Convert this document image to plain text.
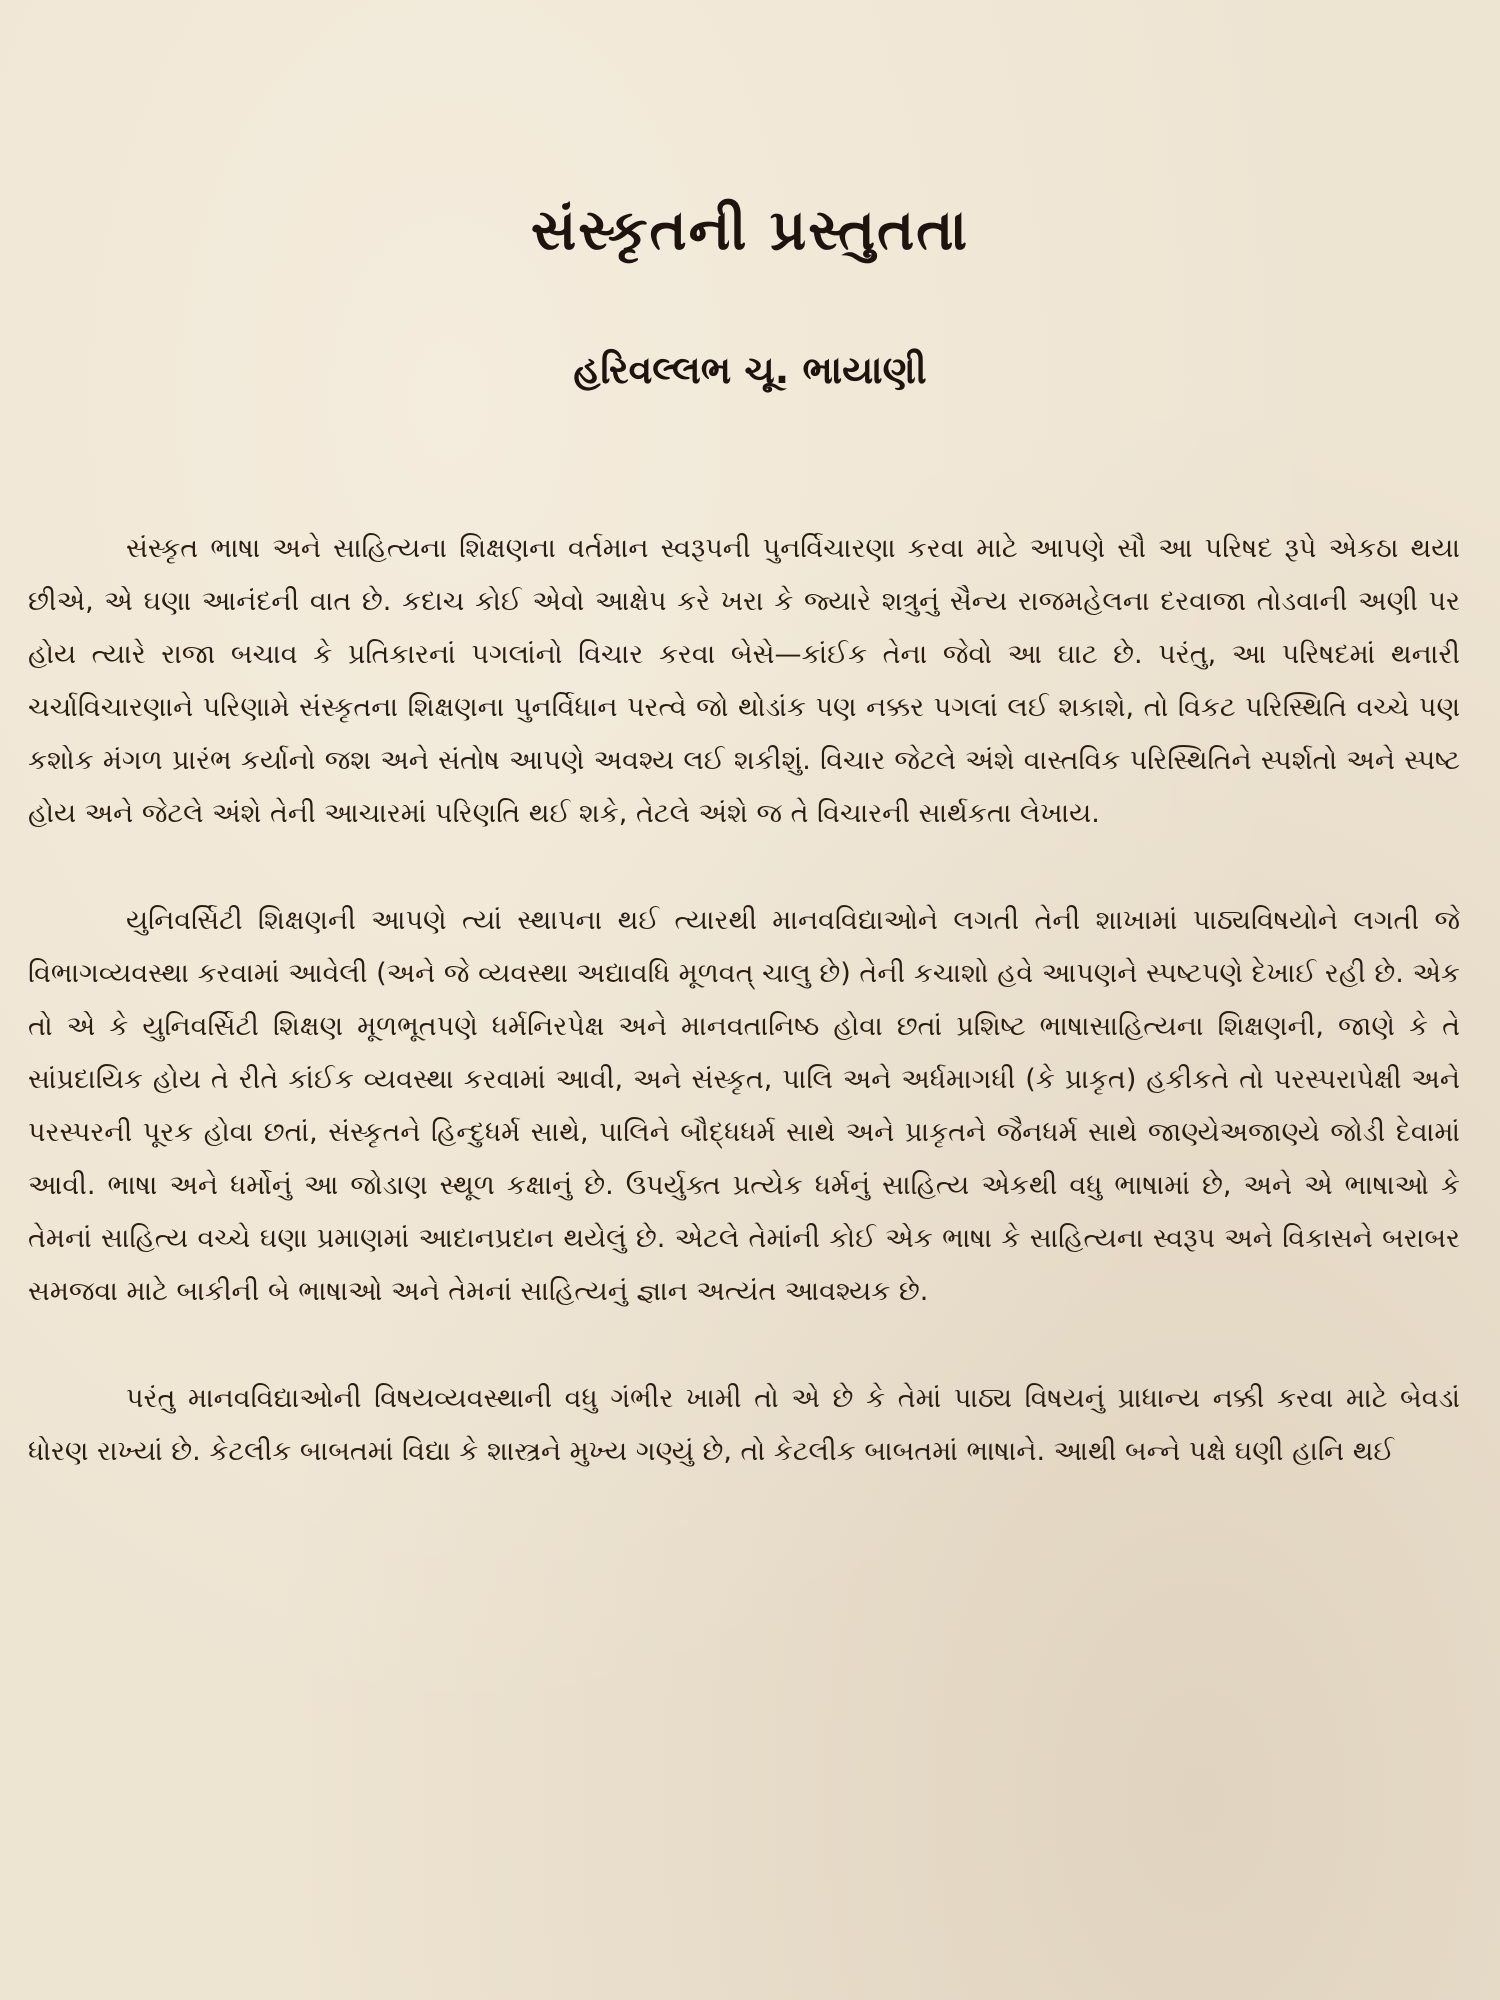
સંસ્કૃતની પ્રસ્તુતતા
હરિવલ્લભ ચૂ. ભાયાણી

સંસ્કૃત ભાષા અને સાહિત્યના શિક્ષણના વર્તમાન સ્વરૂપની પુનર્વિચારણા કરવા માટે આપણે સૌ આ પરિષદ રૂપે એકઠા થયા છીએ, એ ઘણા આનંદની વાત છે. કદાચ કોઈ એવો આક્ષેપ કરે ખરા કે જ્યારે શત્રુનું સૈન્ય રાજમહેલના દરવાજા તોડવાની અણી પર હોય ત્યારે રાજા બચાવ કે પ્રતિકારનાં પગલાંનો વિચાર કરવા બેસે—કાંઈક તેના જેવો આ ઘાટ છે. પરંતુ, આ પરિષદમાં થનારી ચર્ચાવિચારણાને પરિણામે સંસ્કૃતના શિક્ષણના પુનર્વિધાન પરત્વે જો થોડાંક પણ નક્કર પગલાં લઈ શકાશે, તો વિકટ પરિસ્થિતિ વચ્ચે પણ કશોક મંગળ પ્રારંભ કર્યાનો જશ અને સંતોષ આપણે અવશ્ય લઈ શકીશું. વિચાર જેટલે અંશે વાસ્તવિક પરિસ્થિતિને સ્પર્શતો અને સ્પષ્ટ હોય અને જેટલે અંશે તેની આચારમાં પરિણતિ થઈ શકે, તેટલે અંશે જ તે વિચારની સાર્થકતા લેખાય.

યુનિવર્સિટી શિક્ષણની આપણે ત્યાં સ્થાપના થઈ ત્યારથી માનવવિદ્યાઓને લગતી તેની શાખામાં પાઠ્યવિષયોને લગતી જે વિભાગવ્યવસ્થા કરવામાં આવેલી (અને જે વ્યવસ્થા અદ્યાવધિ મૂળવત્ ચાલુ છે) તેની કચાશો હવે આપણને સ્પષ્ટપણે દેખાઈ રહી છે. એક તો એ કે યુનિવર્સિટી શિક્ષણ મૂળભૂતપણે ધર્મનિરપેક્ષ અને માનવતાનિષ્ઠ હોવા છતાં પ્રશિષ્ટ ભાષાસાહિત્યના શિક્ષણની, જાણે કે તે સાંપ્રદાયિક હોય તે રીતે કાંઈક વ્યવસ્થા કરવામાં આવી, અને સંસ્કૃત, પાલિ અને અર્ધમાગધી (કે પ્રાકૃત) હકીકતે તો પરસ્પરાપેક્ષી અને પરસ્પરની પૂરક હોવા છતાં, સંસ્કૃતને હિન્દુધર્મ સાથે, પાલિને બૌદ્ધધર્મ સાથે અને પ્રાકૃતને જૈનધર્મ સાથે જાણ્યેઅજાણ્યે જોડી દેવામાં આવી. ભાષા અને ધર્મોનું આ જોડાણ સ્થૂળ કક્ષાનું છે. ઉપર્યુક્ત પ્રત્યેક ધર્મનું સાહિત્ય એકથી વધુ ભાષામાં છે, અને એ ભાષાઓ કે તેમનાં સાહિત્ય વચ્ચે ઘણા પ્રમાણમાં આદાનપ્રદાન થયેલું છે. એટલે તેમાંની કોઈ એક ભાષા કે સાહિત્યના સ્વરૂપ અને વિકાસને બરાબર સમજવા માટે બાકીની બે ભાષાઓ અને તેમનાં સાહિત્યનું જ્ઞાન અત્યંત આવશ્યક છે.

પરંતુ માનવવિદ્યાઓની વિષયવ્યવસ્થાની વધુ ગંભીર ખામી તો એ છે કે તેમાં પાઠ્ય વિષયનું પ્રાધાન્ય નક્કી કરવા માટે બેવડાં ધોરણ રાખ્યાં છે. કેટલીક બાબતમાં વિદ્યા કે શાસ્ત્રને મુખ્ય ગણ્યું છે, તો કેટલીક બાબતમાં ભાષાને. આથી બન્ને પક્ષે ઘણી હાનિ થઈ
